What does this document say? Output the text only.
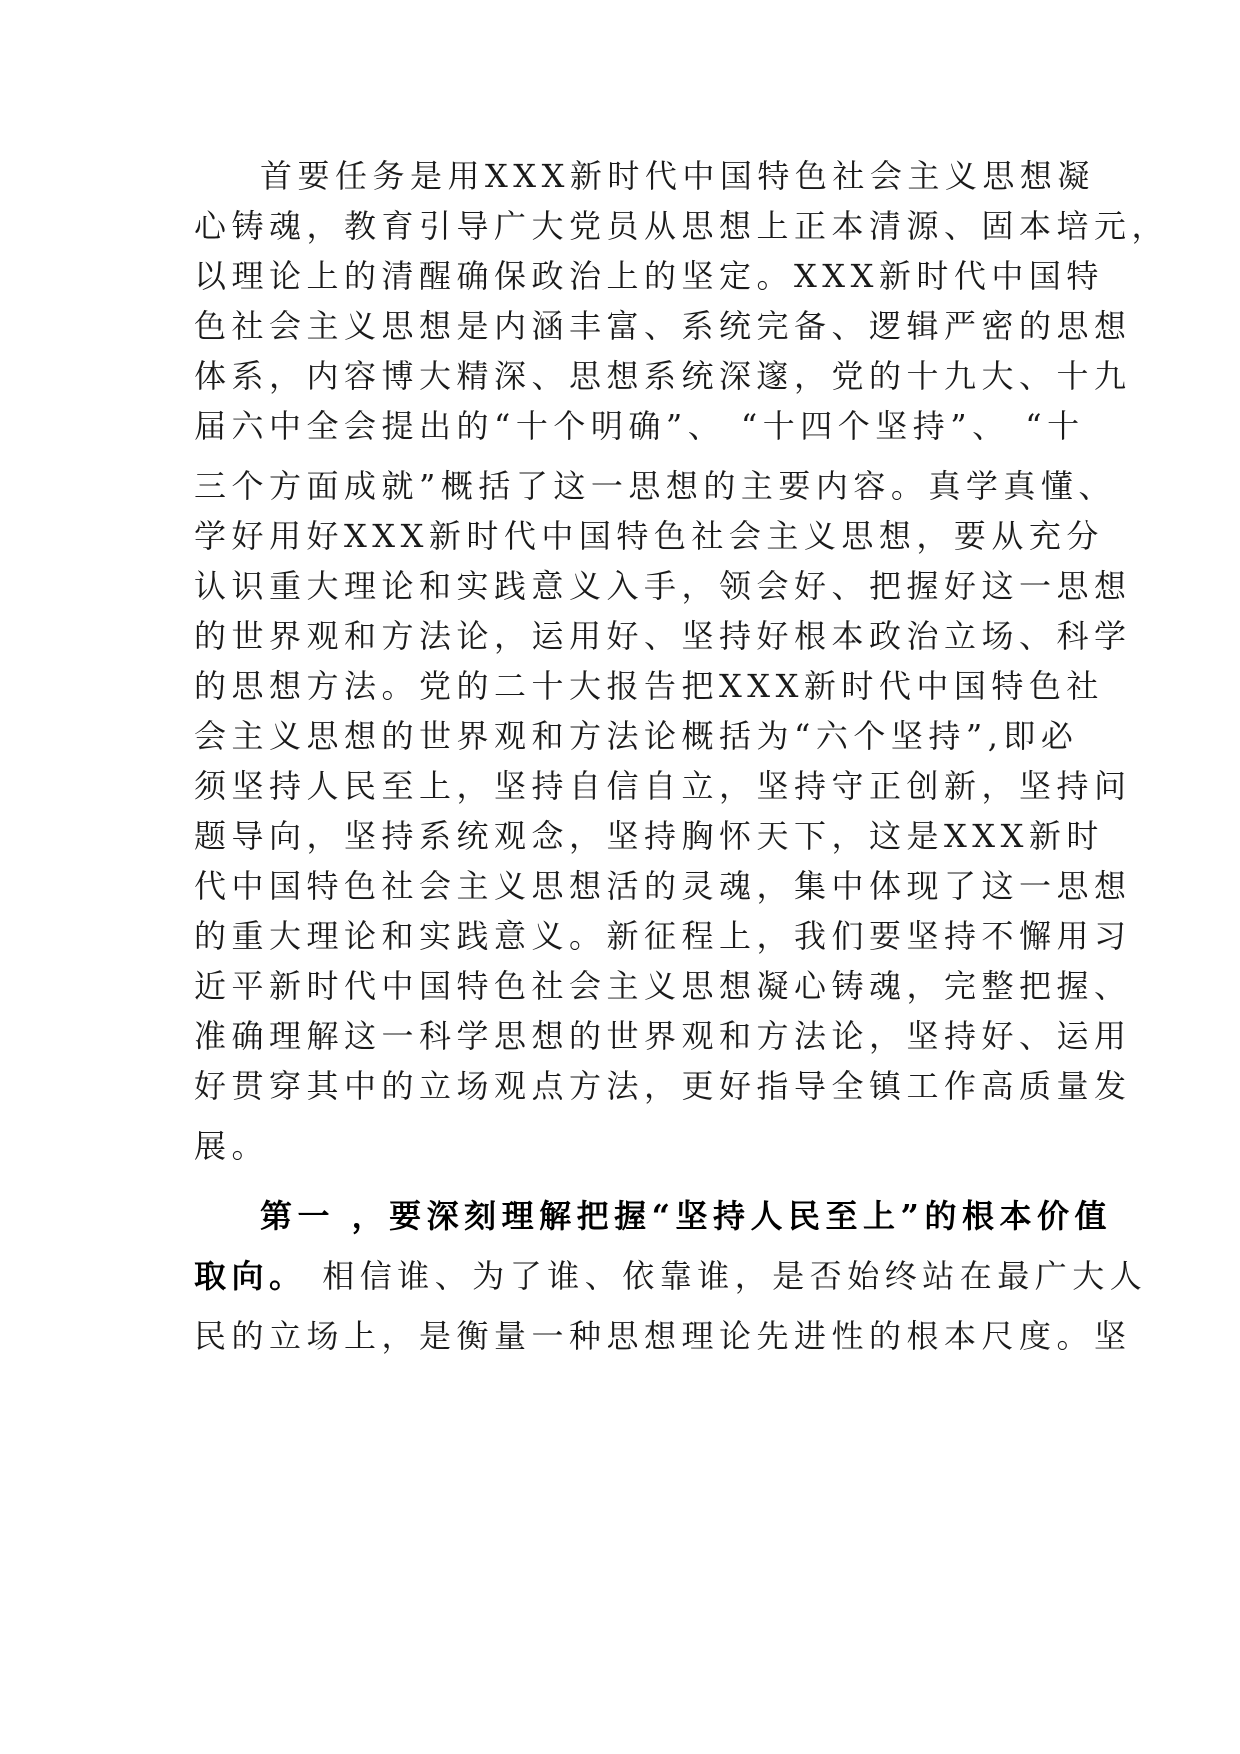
首要任务是用XXX新时代中国特色社会主义思想凝

心铸魂，教育引导广大党员从思想上正本清源、固本培元，

以理论上的清醒确保政治上的坚定。XXX新时代中国特

色社会主义思想是内涵丰富、系统完备、逻辑严密的思想

体系，内容博大精深、思想系统深邃，党的十九大、十九

届六中全会提出的“十个明确”、 “十四个坚持”、 “十

三个方面成就”概括了这一思想的主要内容。真学真懂、

学好用好XXX新时代中国特色社会主义思想，要从充分

认识重大理论和实践意义入手，领会好、把握好这一思想

的世界观和方法论，运用好、坚持好根本政治立场、科学

的思想方法。党的二十大报告把XXX新时代中国特色社

会主义思想的世界观和方法论概括为“六个坚持”,即必

须坚持人民至上，坚持自信自立，坚持守正创新，坚持问

题导向，坚持系统观念，坚持胸怀天下，这是XXX新时

代中国特色社会主义思想活的灵魂，集中体现了这一思想

的重大理论和实践意义。新征程上，我们要坚持不懈用习

近平新时代中国特色社会主义思想凝心铸魂，完整把握、

准确理解这一科学思想的世界观和方法论，坚持好、运用

好贯穿其中的立场观点方法，更好指导全镇工作高质量发

展。

第一 ，要深刻理解把握“坚持人民至上”的根本价值

取向。 相信谁、为了谁、依靠谁，是否始终站在最广大人

民的立场上，是衡量一种思想理论先进性的根本尺度。坚
